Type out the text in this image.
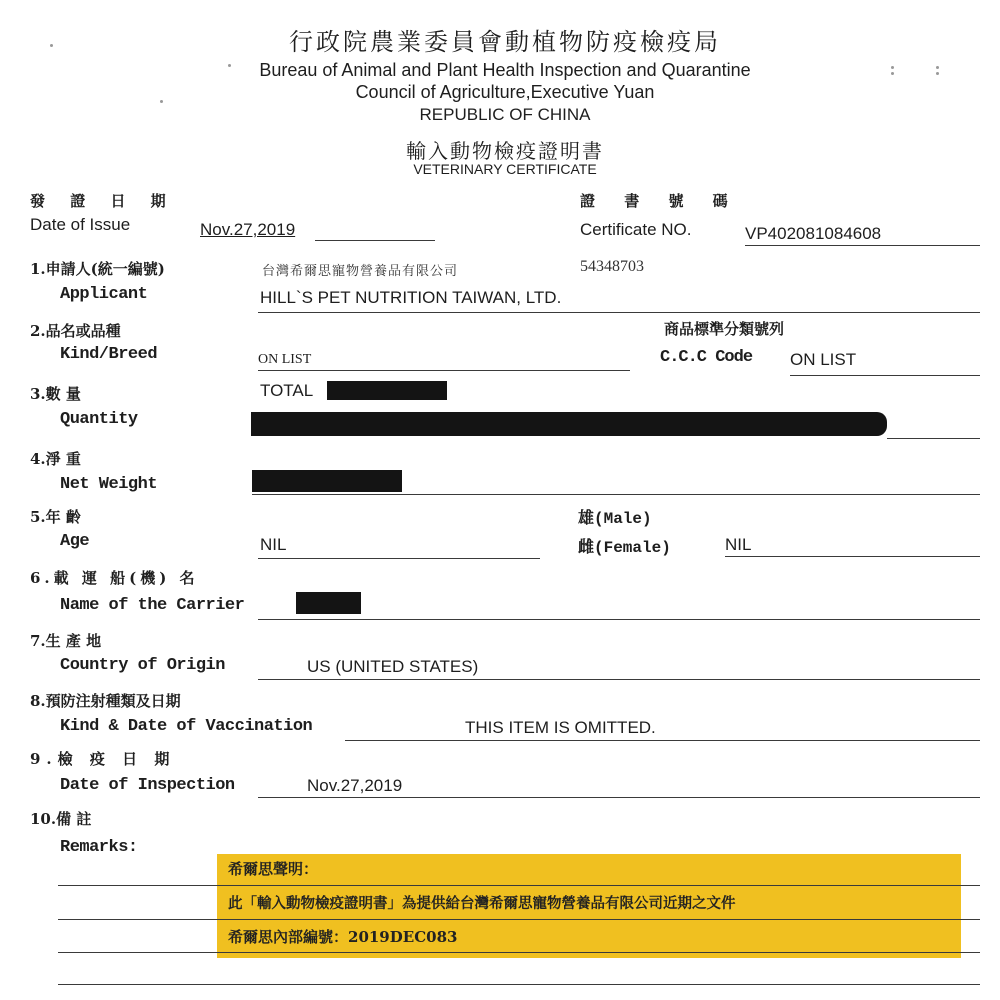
行政院農業委員會動植物防疫檢疫局
Bureau of Animal and Plant Health Inspection and Quarantine
Council of Agriculture,Executive Yuan
REPUBLIC OF CHINA
輸入動物檢疫證明書
VETERINARY CERTIFICATE
發 證 日 期
Date of Issue	Nov.27,2019
證 書 號 碼
Certificate NO.	VP402081084608
1.申請人(統一編號)
Applicant
台灣希爾思寵物營養品有限公司	54348703
HILL`S PET NUTRITION TAIWAN, LTD.
2.品名或品種
Kind/Breed	ON LIST
商品標準分類號列
C.C.C Code ON LIST
3.數 量
Quantity
TOTAL
4.淨 重
Net Weight
5.年 齡
Age	NIL
雄(Male)
雌(Female)	NIL
6.載 運 船(機) 名
Name of the Carrier
7.生 產 地
Country of Origin	US (UNITED STATES)
8.預防注射種類及日期
Kind & Date of Vaccination	THIS ITEM IS OMITTED.
9.檢 疫 日 期
Date of Inspection	Nov.27,2019
10.備 註
Remarks:
希爾思聲明：
此「輸入動物檢疫證明書」為提供給台灣希爾思寵物營養品有限公司近期之文件
希爾思內部編號：2019DEC083
